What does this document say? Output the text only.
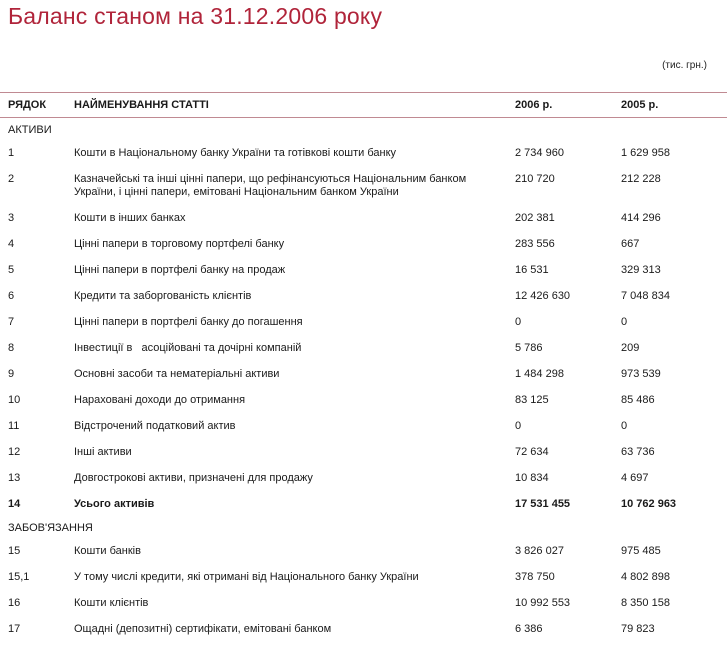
Баланс станом на 31.12.2006 року
(тис. грн.)
РЯДОК	НАЙМЕНУВАННЯ СТАТТІ	2006 р.	2005 р.
АКТИВИ			
1	Кошти в Національному банку України та готівкові кошти банку	2 734 960	1 629 958
2	Казначейські та інші цінні папери, що рефінансуються Національним банком України, і цінні папери, емітовані Національним банком України	210 720	212 228
3	Кошти в інших банках	202 381	414 296
4	Цінні папери в торговому портфелі банку	283 556	667
5	Цінні папери в портфелі банку на продаж	16 531	329 313
6	Кредити та заборгованість клієнтів	12 426 630	7 048 834
7	Цінні папери в портфелі банку до погашення	0	0
8	Інвестиції в   асоційовані та дочірні компаній	5 786	209
9	Основні засоби та нематеріальні активи	1 484 298	973 539
10	Нараховані доходи до отримання	83 125	85 486
11	Відстрочений податковий актив	0	0
12	Інші активи	72 634	63 736
13	Довгострокові активи, призначені для продажу	10 834	4 697
14	Усього активів	17 531 455	10 762 963
ЗАБОВ'ЯЗАННЯ			
15	Кошти банків	3 826 027	975 485
15,1	У тому числі кредити, які отримані від Національного банку України	378 750	4 802 898
16	Кошти клієнтів	10 992 553	8 350 158
17	Ощадні (депозитні) сертифікати, емітовані банком	6 386	79 823
